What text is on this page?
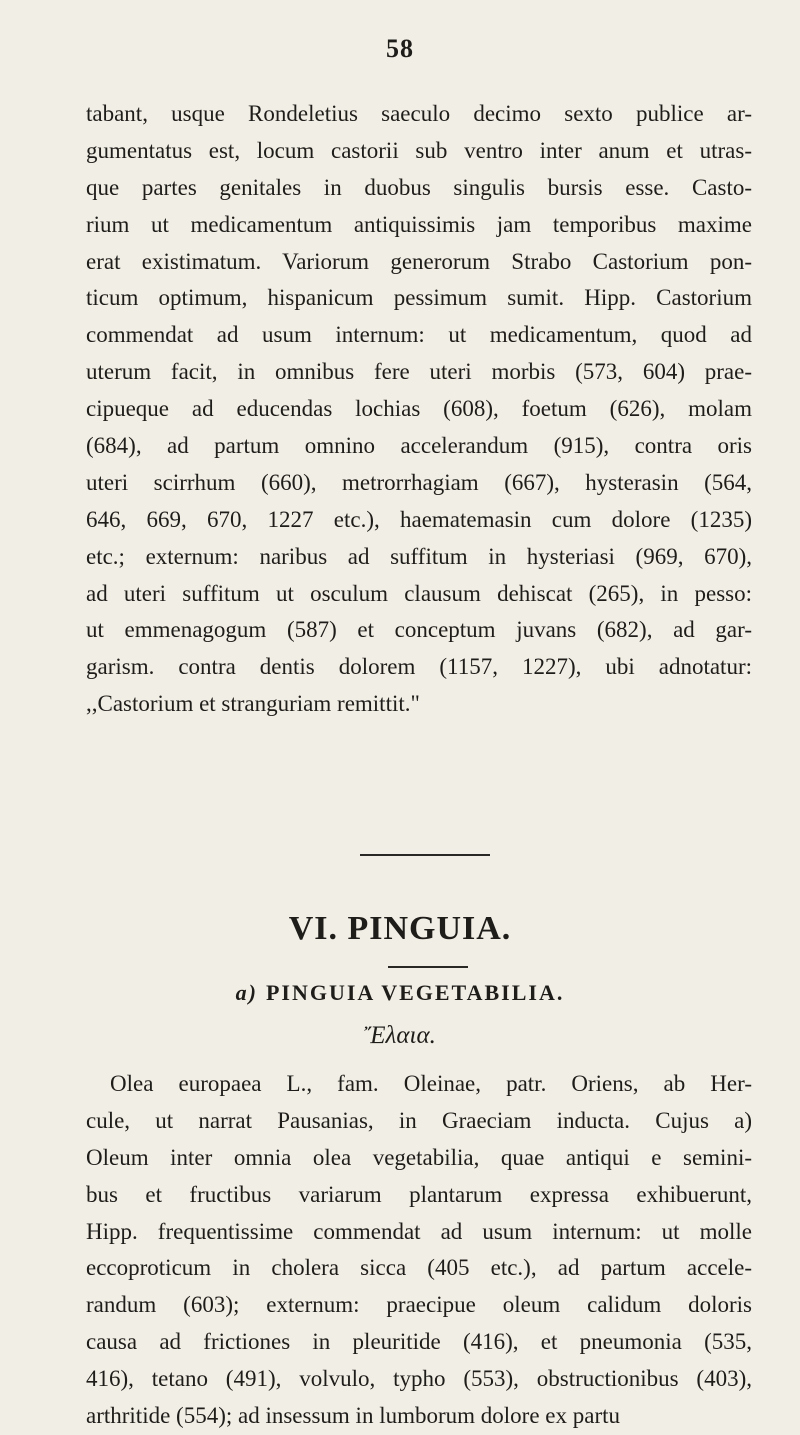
58
tabant, usque Rondeletius saeculo decimo sexto publice ar-
gumentatus est, locum castorii sub ventro inter anum et utras-
que partes genitales in duobus singulis bursis esse. Casto-
rium ut medicamentum antiquissimis jam temporibus maxime
erat existimatum. Variorum generorum Strabo Castorium pon-
ticum optimum, hispanicum pessimum sumit. Hipp. Castorium
commendat ad usum internum: ut medicamentum, quod ad
uterum facit, in omnibus fere uteri morbis (573, 604) prae-
cipueque ad educendas lochias (608), foetum (626), molam
(684), ad partum omnino accelerandum (915), contra oris
uteri scirrhum (660), metrorrhagiam (667), hysterasin (564,
646, 669, 670, 1227 etc.), haematemasin cum dolore (1235)
etc.; externum: naribus ad suffitum in hysteriasi (969, 670),
ad uteri suffitum ut osculum clausum dehiscat (265), in pesso:
ut emmenagogum (587) et conceptum juvans (682), ad gar-
garism. contra dentis dolorem (1157, 1227), ubi adnotatur:
,,Castorium et stranguriam remittit."
VI. PINGUIA.
a) PINGUIA VEGETABILIA.
Ἔλαια.
Olea europaea L., fam. Oleinae, patr. Oriens, ab Her-
cule, ut narrat Pausanias, in Graeciam inducta. Cujus a)
Oleum inter omnia olea vegetabilia, quae antiqui e semini-
bus et fructibus variarum plantarum expressa exhibuerunt,
Hipp. frequentissime commendat ad usum internum: ut molle
eccoproticum in cholera sicca (405 etc.), ad partum accele-
randum (603); externum: praecipue oleum calidum doloris
causa ad frictiones in pleuritide (416), et pneumonia (535,
416), tetano (491), volvulo, typho (553), obstructionibus (403),
arthritide (554); ad insessum in lumborum dolore ex partu
